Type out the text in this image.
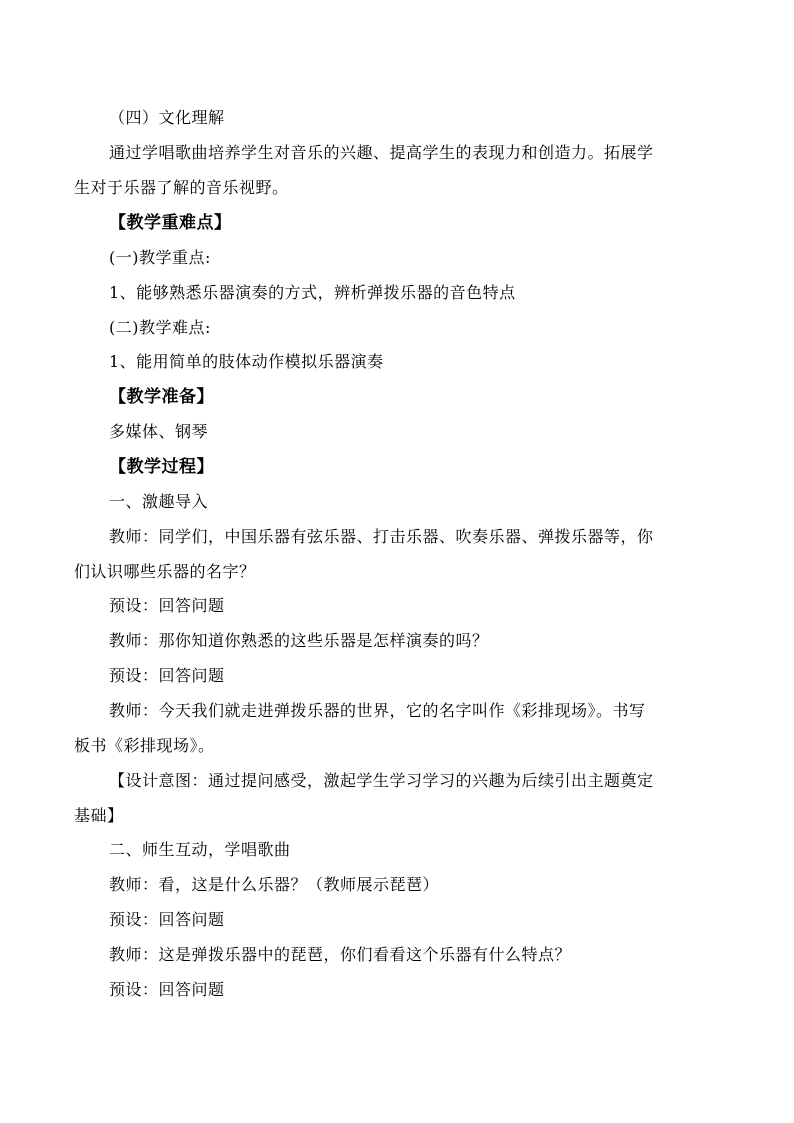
（四）文化理解
通过学唱歌曲培养学生对音乐的兴趣、提高学生的表现力和创造力。拓展学
生对于乐器了解的音乐视野。
【教学重难点】
(一)教学重点:
1、能够熟悉乐器演奏的方式，辨析弹拨乐器的音色特点
(二)教学难点:
1、能用简单的肢体动作模拟乐器演奏
【教学准备】
多媒体、钢琴
【教学过程】
一、激趣导入
教师：同学们，中国乐器有弦乐器、打击乐器、吹奏乐器、弹拨乐器等，你
们认识哪些乐器的名字？
预设：回答问题
教师：那你知道你熟悉的这些乐器是怎样演奏的吗？
预设：回答问题
教师：今天我们就走进弹拨乐器的世界，它的名字叫作《彩排现场》。书写
板书《彩排现场》。
【设计意图：通过提问感受，激起学生学习学习的兴趣为后续引出主题奠定
基础】
二、师生互动，学唱歌曲
教师：看，这是什么乐器？（教师展示琵琶）
预设：回答问题
教师：这是弹拨乐器中的琵琶，你们看看这个乐器有什么特点？
预设：回答问题
